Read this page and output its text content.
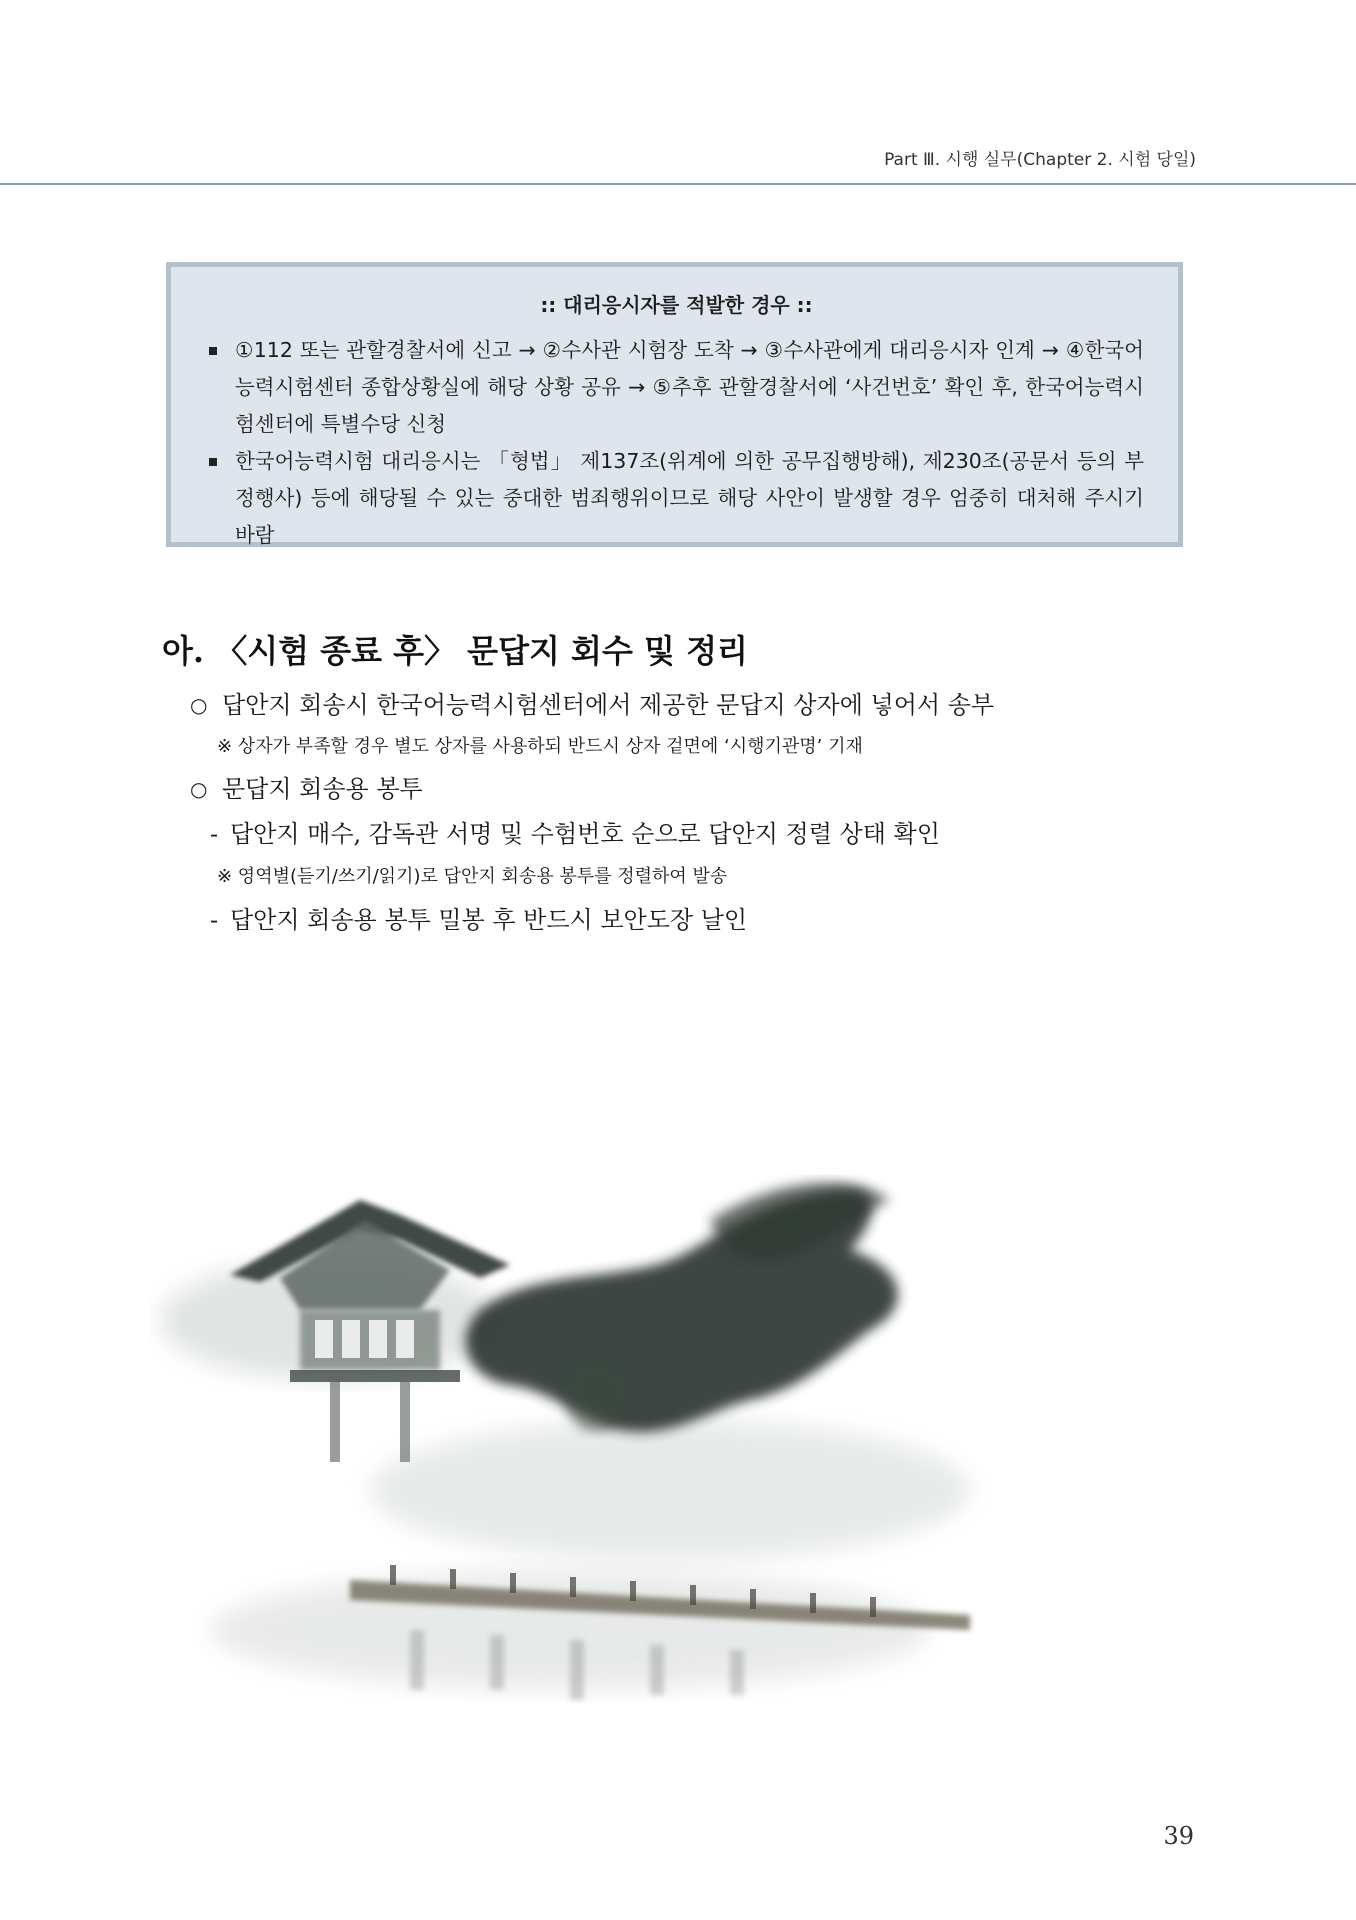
Part Ⅲ. 시행 실무(Chapter 2. 시험 당일)
:: 대리응시자를 적발한 경우 ::
①112 또는 관할경찰서에 신고 → ②수사관 시험장 도착 → ③수사관에게 대리응시자 인계 → ④한국어능력시험센터 종합상황실에 해당 상황 공유 → ⑤추후 관할경찰서에 ‘사건번호’ 확인 후, 한국어능력시험센터에 특별수당 신청
한국어능력시험 대리응시는 「형법」 제137조(위계에 의한 공무집행방해), 제230조(공문서 등의 부정행사) 등에 해당될 수 있는 중대한 범죄행위이므로 해당 사안이 발생할 경우 엄중히 대처해 주시기 바람
아. 〈시험 종료 후〉 문답지 회수 및 정리
○ 답안지 회송시 한국어능력시험센터에서 제공한 문답지 상자에 넣어서 송부
※ 상자가 부족할 경우 별도 상자를 사용하되 반드시 상자 겉면에 ‘시행기관명’ 기재
○ 문답지 회송용 봉투
- 답안지 매수, 감독관 서명 및 수험번호 순으로 답안지 정렬 상태 확인
※ 영역별(듣기/쓰기/읽기)로 답안지 회송용 봉투를 정렬하여 발송
- 답안지 회송용 봉투 밀봉 후 반드시 보안도장 날인
39
